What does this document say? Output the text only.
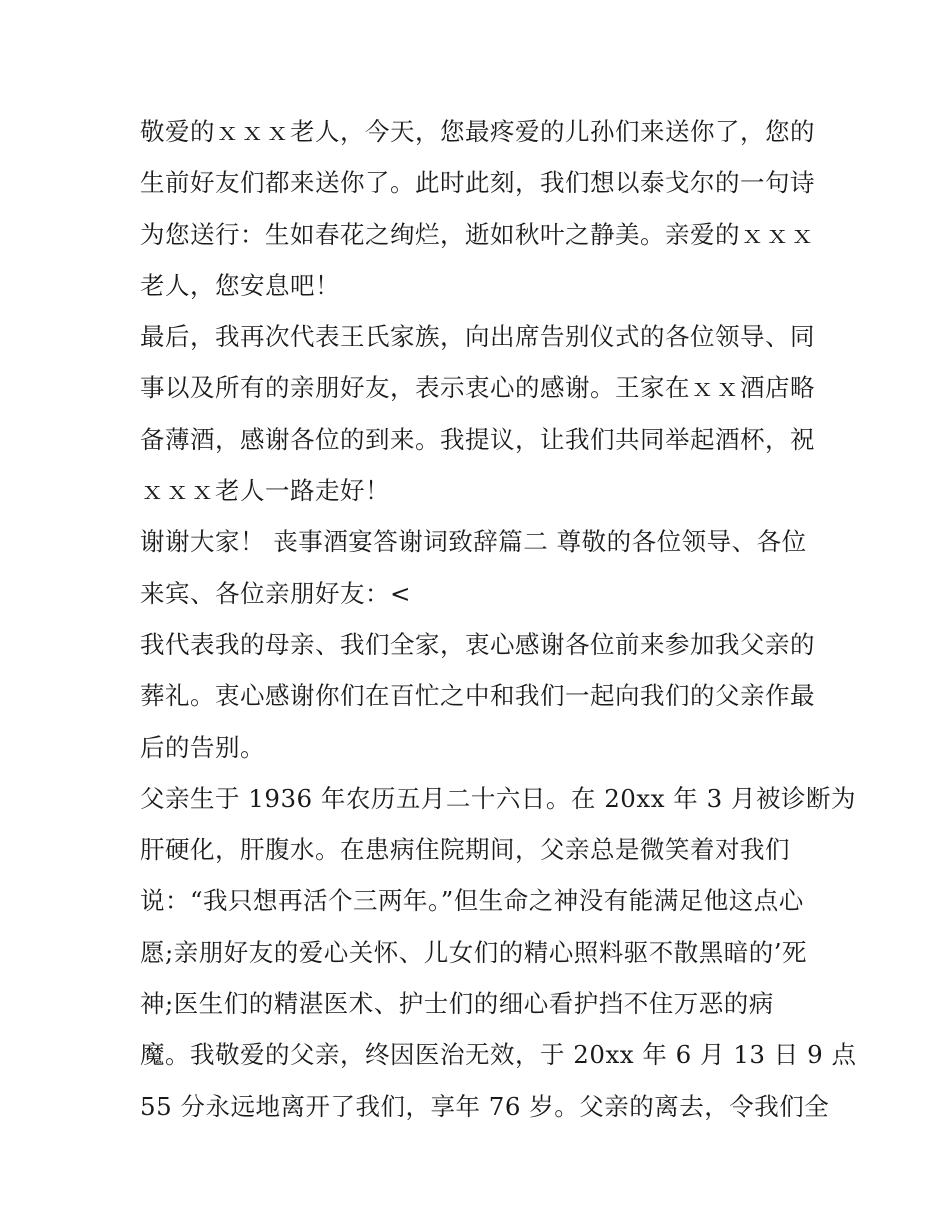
敬爱的ｘｘｘ老人，今天，您最疼爱的儿孙们来送你了，您的
生前好友们都来送你了。此时此刻，我们想以泰戈尔的一句诗
为您送行：生如春花之绚烂，逝如秋叶之静美。亲爱的ｘｘｘ
老人，您安息吧！

最后，我再次代表王氏家族，向出席告别仪式的各位领导、同
事以及所有的亲朋好友，表示衷心的感谢。王家在ｘｘ酒店略
备薄酒，感谢各位的到来。我提议，让我们共同举起酒杯，祝
ｘｘｘ老人一路走好！

谢谢大家！ 丧事酒宴答谢词致辞篇二 尊敬的各位领导、各位
来宾、各位亲朋好友：<

我代表我的母亲、我们全家，衷心感谢各位前来参加我父亲的
葬礼。衷心感谢你们在百忙之中和我们一起向我们的父亲作最
后的告别。

父亲生于 1936 年农历五月二十六日。在 20xx 年 3 月被诊断为
肝硬化，肝腹水。在患病住院期间，父亲总是微笑着对我们
说：“我只想再活个三两年。”但生命之神没有能满足他这点心
愿;亲朋好友的爱心关怀、儿女们的精心照料驱不散黑暗的’死
神;医生们的精湛医术、护士们的细心看护挡不住万恶的病
魔。我敬爱的父亲，终因医治无效，于 20xx 年 6 月 13 日 9 点
55 分永远地离开了我们，享年 76 岁。父亲的离去，令我们全
